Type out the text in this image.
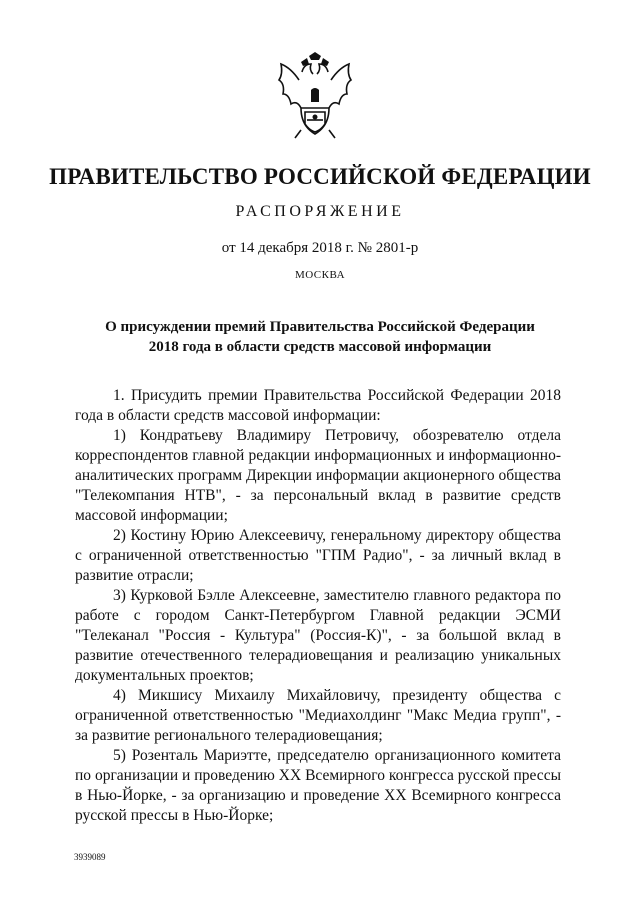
ПРАВИТЕЛЬСТВО РОССИЙСКОЙ ФЕДЕРАЦИИ
РАСПОРЯЖЕНИЕ
от 14 декабря 2018 г. № 2801-р
МОСКВА
О присуждении премий Правительства Российской Федерации
2018 года в области средств массовой информации

1. Присудить премии Правительства Российской Федерации 2018 года в области средств массовой информации:

1) Кондратьеву Владимиру Петровичу, обозревателю отдела корреспондентов главной редакции информационных и информационно-аналитических программ Дирекции информации акционерного общества "Телекомпания НТВ", - за персональный вклад в развитие средств массовой информации;

2) Костину Юрию Алексеевичу, генеральному директору общества с ограниченной ответственностью "ГПМ Радио", - за личный вклад в развитие отрасли;

3) Курковой Бэлле Алексеевне, заместителю главного редактора по работе с городом Санкт-Петербургом Главной редакции ЭСМИ "Телеканал "Россия - Культура" (Россия-К)", - за большой вклад в развитие отечественного телерадиовещания и реализацию уникальных документальных проектов;

4) Микшису Михаилу Михайловичу, президенту общества с ограниченной ответственностью "Медиахолдинг "Макс Медиа групп", - за развитие регионального телерадиовещания;

5) Розенталь Мариэтте, председателю организационного комитета по организации и проведению XX Всемирного конгресса русской прессы в Нью-Йорке, - за организацию и проведение XX Всемирного конгресса русской прессы в Нью-Йорке;

3939089
